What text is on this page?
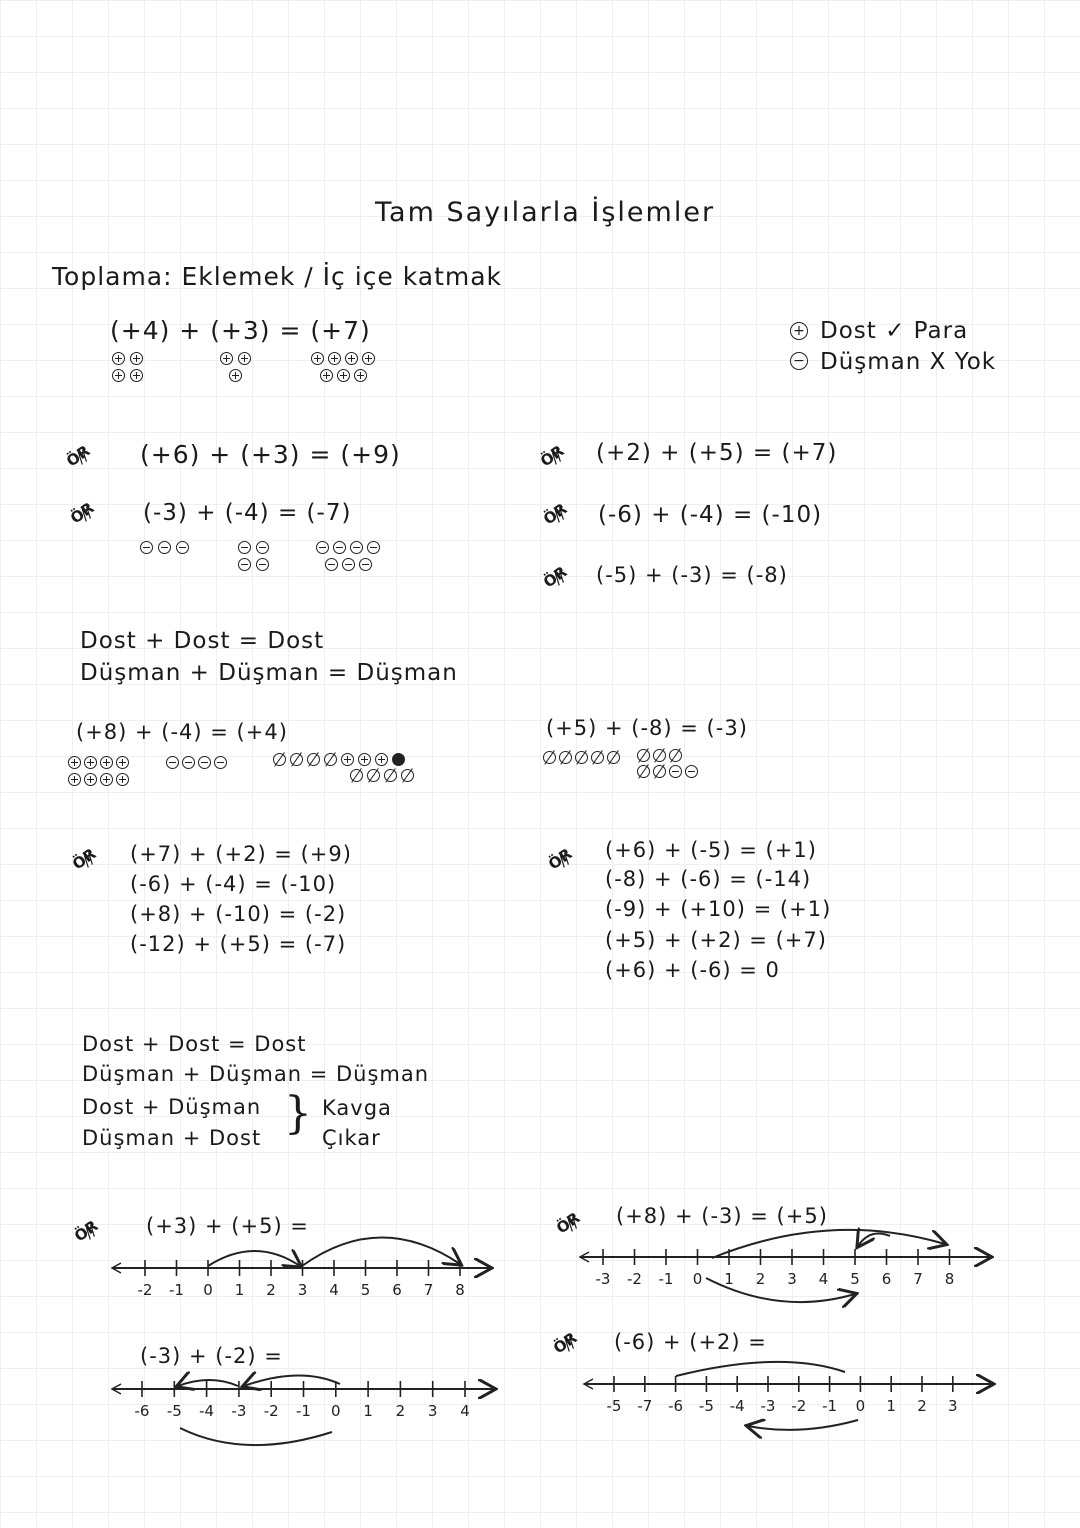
Tam Sayılarla İşlemler
Toplama: Eklemek / İç içe katmak
+ Dost ✓ Para
− Düşman X Yok
(+4) + (+3) = (+7)
ÖR // (+6) + (+3) = (+9)
ÖR // (-3) + (-4) = (-7)
ÖR // (+2) + (+5) = (+7)
ÖR // (-6) + (-4) = (-10)
ÖR // (-5) + (-3) = (-8)
Dost + Dost = Dost
Düşman + Düşman = Düşman
(+8) + (-4) = (+4)	(+5) + (-8) = (-3)
ÖR // (+7) + (+2) = (+9)
(-6) + (-4) = (-10)
(+8) + (-10) = (-2)
(-12) + (+5) = (-7)
ÖR // (+6) + (-5) = (+1)
(-8) + (-6) = (-14)
(-9) + (+10) = (+1)
(+5) + (+2) = (+7)
(+6) + (-6) = 0
Dost + Dost = Dost
Düşman + Düşman = Düşman
Dost + Düşman
Düşman + Dost } Kavga
Çıkar
ÖR // (+3) + (+5) =	ÖR // (+8) + (-3) = (+5)
(-3) + (-2) =	ÖR // (-6) + (+2) =
-2 -1 0 1 2 3 4 5 6 7 8
-3 -2 -1 0 1 2 3 4 5 6 7 8
-6 -5 -4 -3 -2 -1 0 1 2 3 4	-5 -7 -6 -5 -4 -3 -2 -1 0 1 2 3
